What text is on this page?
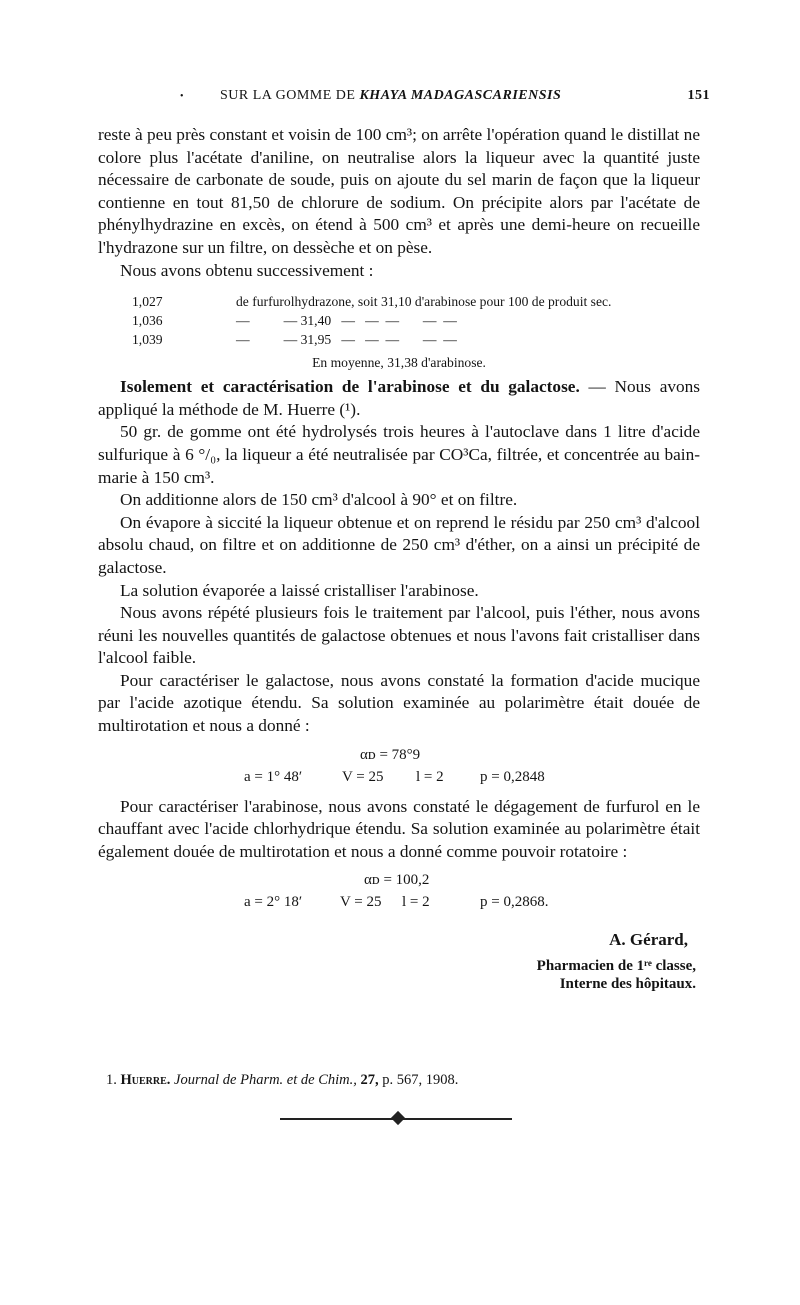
•	SUR LA GOMME DE KHAYA MADAGASCARIENSIS	151

reste à peu près constant et voisin de 100 cm³; on arrête l'opération quand le distillat ne colore plus l'acétate d'aniline, on neutralise alors la liqueur avec la quantité juste nécessaire de carbonate de soude, puis on ajoute du sel marin de façon que la liqueur contienne en tout 81,50 de chlorure de sodium. On précipite alors par l'acétate de phénylhydrazine en excès, on étend à 500 cm³ et après une demi-heure on recueille l'hydrazone sur un filtre, on dessèche et on pèse.

Nous avons obtenu successivement :

1,027	de furfurolhydrazone, soit 31,10 d'arabinose pour 100 de produit sec.
1,036	—          — 31,40   —   —  —       —  —
1,039	—          — 31,95   —   —  —       —  —
En moyenne, 31,38 d'arabinose.

Isolement et caractérisation de l'arabinose et du galactose. — Nous avons appliqué la méthode de M. Huerre (¹).

50 gr. de gomme ont été hydrolysés trois heures à l'autoclave dans 1 litre d'acide sulfurique à 6 °/₀, la liqueur a été neutralisée par CO³Ca, filtrée, et concentrée au bain-marie à 150 cm³.

On additionne alors de 150 cm³ d'alcool à 90° et on filtre.

On évapore à siccité la liqueur obtenue et on reprend le résidu par 250 cm³ d'alcool absolu chaud, on filtre et on additionne de 250 cm³ d'éther, on a ainsi un précipité de galactose.

La solution évaporée a laissé cristalliser l'arabinose.

Nous avons répété plusieurs fois le traitement par l'alcool, puis l'éther, nous avons réuni les nouvelles quantités de galactose obtenues et nous l'avons fait cristalliser dans l'alcool faible.

Pour caractériser le galactose, nous avons constaté la formation d'acide mucique par l'acide azotique étendu. Sa solution examinée au polarimètre était douée de multirotation et nous a donné :

αᴅ = 78°9
a = 1° 48′	V = 25 l = 2 p = 0,2848

Pour caractériser l'arabinose, nous avons constaté le dégagement de furfurol en le chauffant avec l'acide chlorhydrique étendu. Sa solution examinée au polarimètre était également douée de multirotation et nous a donné comme pouvoir rotatoire :

αᴅ = 100,2
a = 2° 18′	V = 25 l = 2	p = 0,2868.
A. Gérard,
Pharmacien de 1ʳᵉ classe,
Interne des hôpitaux.
1. Huerre. Journal de Pharm. et de Chim., 27, p. 567, 1908.
